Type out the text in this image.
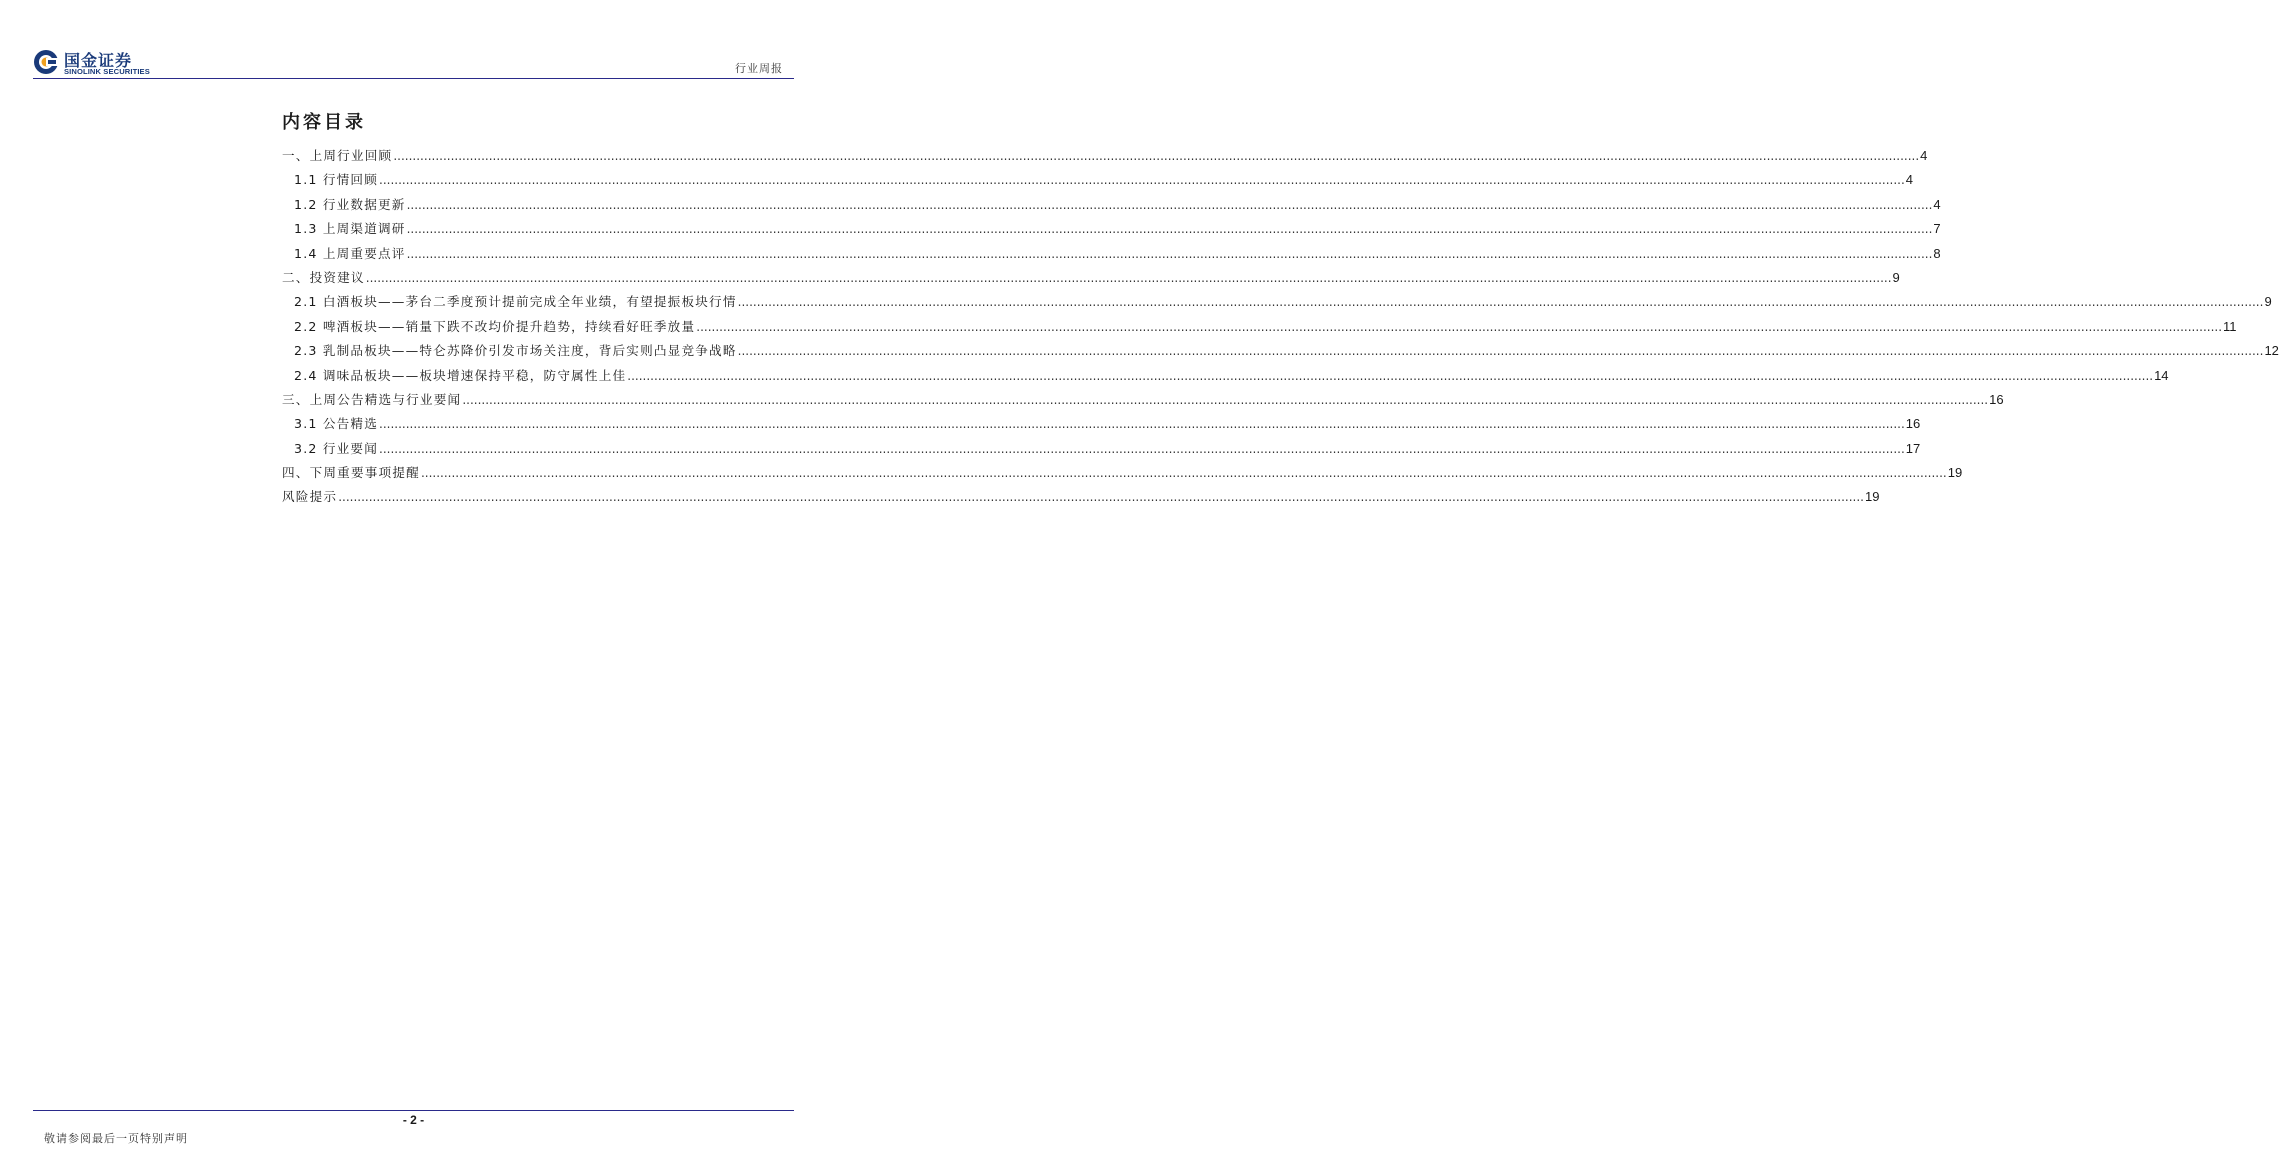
国金证券
SINOLINK SECURITIES	行业周报
内容目录
一、上周行业回顾 ................................................................................................................................................................................................................................................................................................................................................................................................................ 4
1.1 行情回顾 ................................................................................................................................................................................................................................................................................................................................................................................................................ 4
1.2 行业数据更新 ................................................................................................................................................................................................................................................................................................................................................................................................................ 4
1.3 上周渠道调研 ................................................................................................................................................................................................................................................................................................................................................................................................................ 7
1.4 上周重要点评 ................................................................................................................................................................................................................................................................................................................................................................................................................ 8
二、投资建议 ................................................................................................................................................................................................................................................................................................................................................................................................................ 9
2.1 白酒板块——茅台二季度预计提前完成全年业绩，有望提振板块行情 ................................................................................................................................................................................................................................................................................................................................................................................................................ 9
2.2 啤酒板块——销量下跌不改均价提升趋势，持续看好旺季放量 ................................................................................................................................................................................................................................................................................................................................................................................................................ 11
2.3 乳制品板块——特仑苏降价引发市场关注度，背后实则凸显竞争战略 ................................................................................................................................................................................................................................................................................................................................................................................................................ 12
2.4 调味品板块——板块增速保持平稳，防守属性上佳 ................................................................................................................................................................................................................................................................................................................................................................................................................ 14
三、上周公告精选与行业要闻 ................................................................................................................................................................................................................................................................................................................................................................................................................ 16
3.1 公告精选 ................................................................................................................................................................................................................................................................................................................................................................................................................ 16
3.2 行业要闻 ................................................................................................................................................................................................................................................................................................................................................................................................................ 17
四、下周重要事项提醒 ................................................................................................................................................................................................................................................................................................................................................................................................................ 19
风险提示 ................................................................................................................................................................................................................................................................................................................................................................................................................ 19
- 2 -
敬请参阅最后一页特别声明
